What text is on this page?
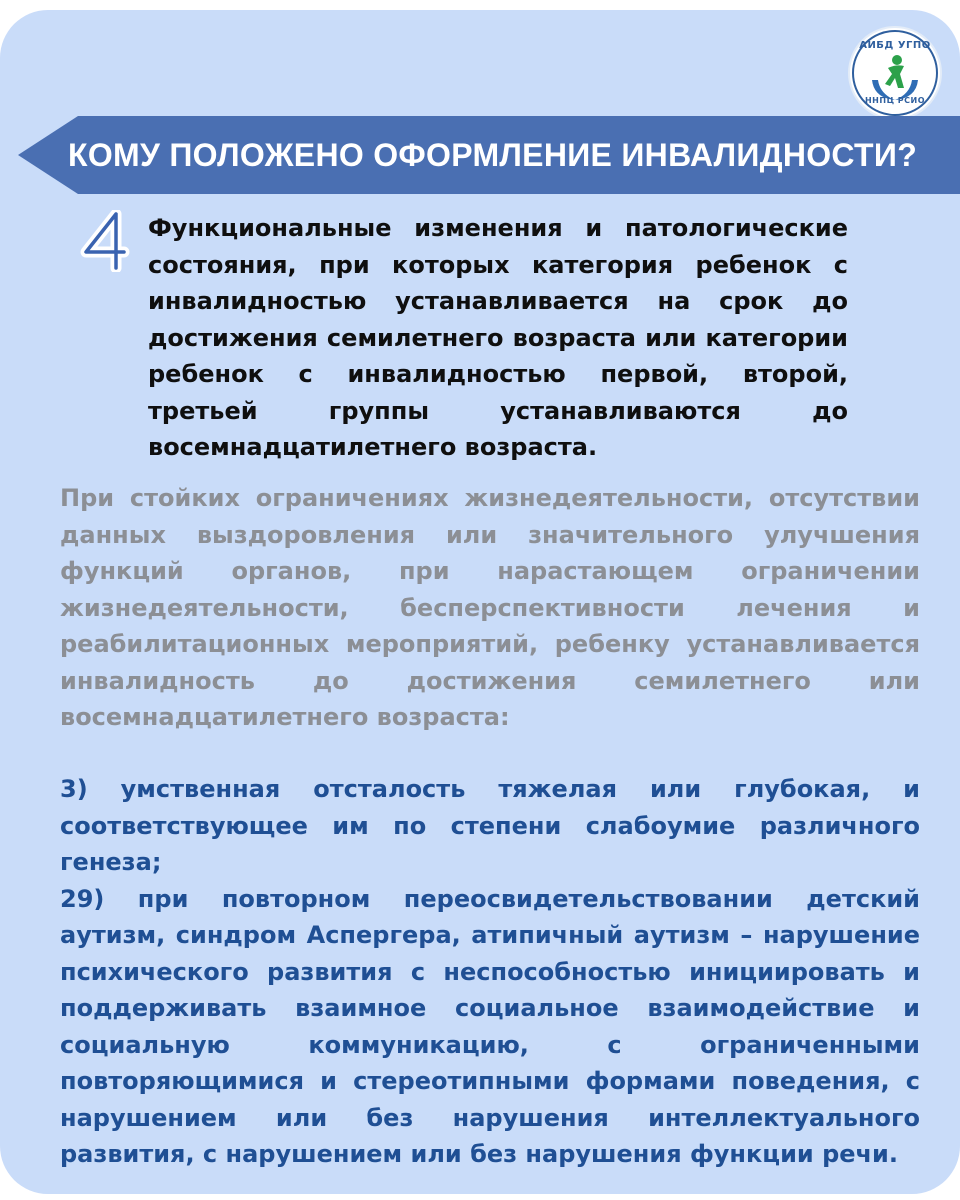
АИБД УГПО
ННПЦ РСИО
КОМУ ПОЛОЖЕНО ОФОРМЛЕНИЕ ИНВАЛИДНОСТИ?

Функциональные изменения и патологические состояния, при которых категория ребенок с инвалидностью устанавливается на срок до достижения семилетнего возраста или категории ребенок с инвалидностью первой, второй, третьей группы устанавливаются до восемнадцатилетнего возраста.

При стойких ограничениях жизнедеятельности, отсутствии данных выздоровления или значительного улучшения функций органов, при нарастающем ограничении жизнедеятельности, бесперспективности лечения и реабилитационных мероприятий, ребенку устанавливается инвалидность до достижения семилетнего или восемнадцатилетнего возраста:

3) умственная отсталость тяжелая или глубокая, и соответствующее им по степени слабоумие различного генеза;

29) при повторном переосвидетельствовании детский аутизм, синдром Аспергера, атипичный аутизм – нарушение психического развития с неспособностью инициировать и поддерживать взаимное социальное взаимодействие и социальную коммуникацию, с ограниченными повторяющимися и стереотипными формами поведения, с нарушением или без нарушения интеллектуального развития, с нарушением или без нарушения функции речи.
